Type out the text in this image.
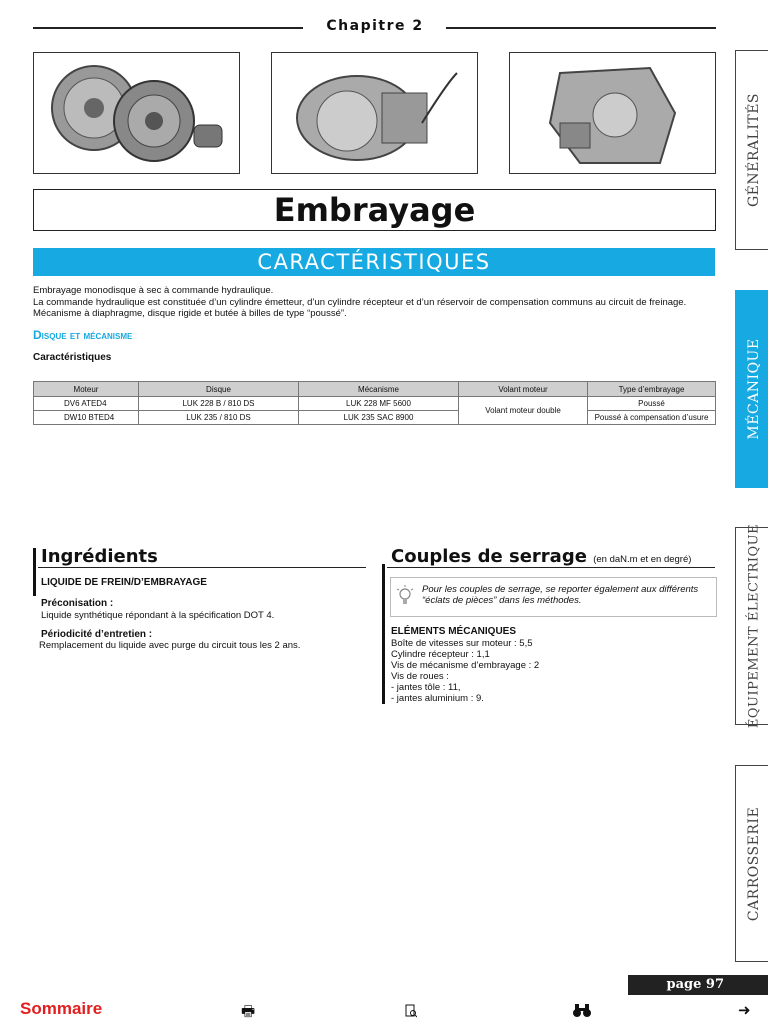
Chapitre 2
Embrayage
CARACTÉRISTIQUES
Embrayage monodisque à sec à commande hydraulique.
La commande hydraulique est constituée d’un cylindre émetteur, d’un cylindre récepteur et d’un réservoir de compensation communs au circuit de freinage.
Mécanisme à diaphragme, disque rigide et butée à billes de type “poussé”.
Disque et mécanisme
Caractéristiques
Moteur	Disque	Mécanisme	Volant moteur	Type d’embrayage
DV6 ATED4	LUK 228 B / 810 DS	LUK 228 MF 5600	Volant moteur double	Poussé
DW10 BTED4	LUK 235 / 810 DS	LUK 235 SAC 8900		Poussé à compensation d’usure
Ingrédients
LIQUIDE DE FREIN/D’EMBRAYAGE
Préconisation :
Liquide synthétique répondant à la spécification DOT 4.
Périodicité d’entretien :
Remplacement du liquide avec purge du circuit tous les 2 ans.
Couples de serrage (en daN.m et en degré)
Pour les couples de serrage, se reporter également aux différents “éclats de pièces” dans les méthodes.
ELÉMENTS MÉCANIQUES
Boîte de vitesses sur moteur : 5,5
Cylindre récepteur : 1,1
Vis de mécanisme d’embrayage : 2
Vis de roues :
- jantes tôle : 11,
- jantes aluminium : 9.
GÉNÉRALITÉS
MÉCANIQUE
ÉQUIPEMENT ÉLECTRIQUE
CARROSSERIE
page 97
Sommaire	🖶	➜
